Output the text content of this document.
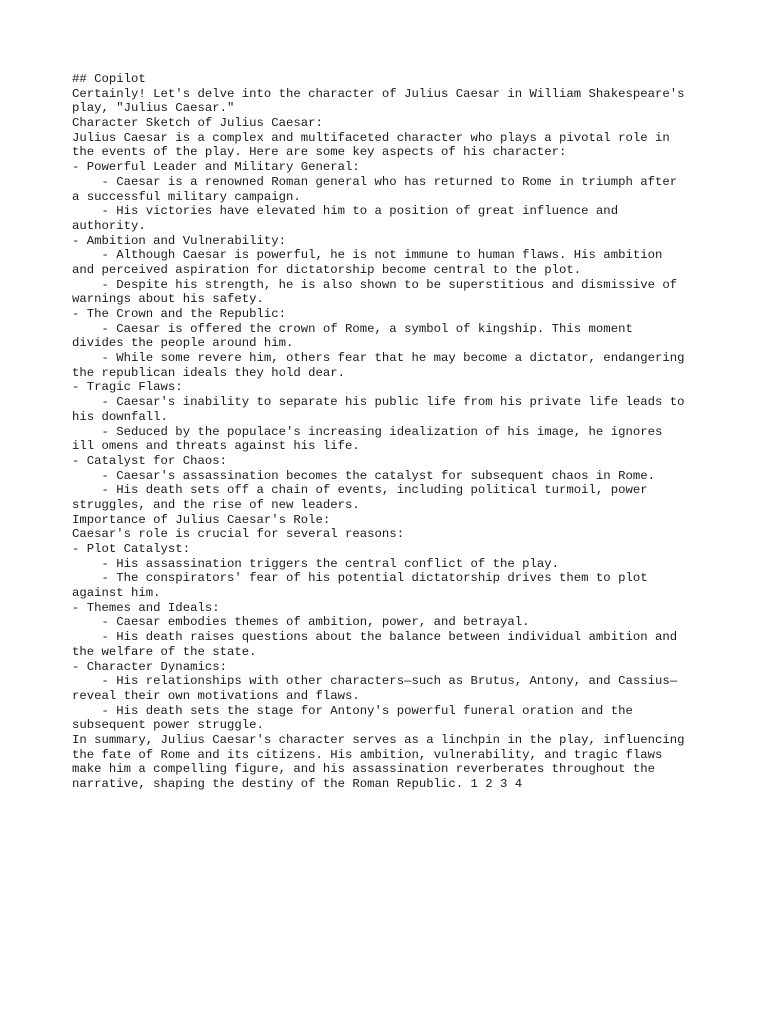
## Copilot
Certainly! Let's delve into the character of Julius Caesar in William Shakespeare's
play, "Julius Caesar."
Character Sketch of Julius Caesar:
Julius Caesar is a complex and multifaceted character who plays a pivotal role in
the events of the play. Here are some key aspects of his character:
- Powerful Leader and Military General:
- Caesar is a renowned Roman general who has returned to Rome in triumph after
a successful military campaign.
- His victories have elevated him to a position of great influence and
authority.
- Ambition and Vulnerability:
- Although Caesar is powerful, he is not immune to human flaws. His ambition
and perceived aspiration for dictatorship become central to the plot.
- Despite his strength, he is also shown to be superstitious and dismissive of
warnings about his safety.
- The Crown and the Republic:
- Caesar is offered the crown of Rome, a symbol of kingship. This moment
divides the people around him.
- While some revere him, others fear that he may become a dictator, endangering
the republican ideals they hold dear.
- Tragic Flaws:
- Caesar's inability to separate his public life from his private life leads to
his downfall.
- Seduced by the populace's increasing idealization of his image, he ignores
ill omens and threats against his life.
- Catalyst for Chaos:
- Caesar's assassination becomes the catalyst for subsequent chaos in Rome.
- His death sets off a chain of events, including political turmoil, power
struggles, and the rise of new leaders.
Importance of Julius Caesar's Role:
Caesar's role is crucial for several reasons:
- Plot Catalyst:
- His assassination triggers the central conflict of the play.
- The conspirators' fear of his potential dictatorship drives them to plot
against him.
- Themes and Ideals:
- Caesar embodies themes of ambition, power, and betrayal.
- His death raises questions about the balance between individual ambition and
the welfare of the state.
- Character Dynamics:
- His relationships with other characters—such as Brutus, Antony, and Cassius—
reveal their own motivations and flaws.
- His death sets the stage for Antony's powerful funeral oration and the
subsequent power struggle.
In summary, Julius Caesar's character serves as a linchpin in the play, influencing
the fate of Rome and its citizens. His ambition, vulnerability, and tragic flaws
make him a compelling figure, and his assassination reverberates throughout the
narrative, shaping the destiny of the Roman Republic. 1 2 3 4
